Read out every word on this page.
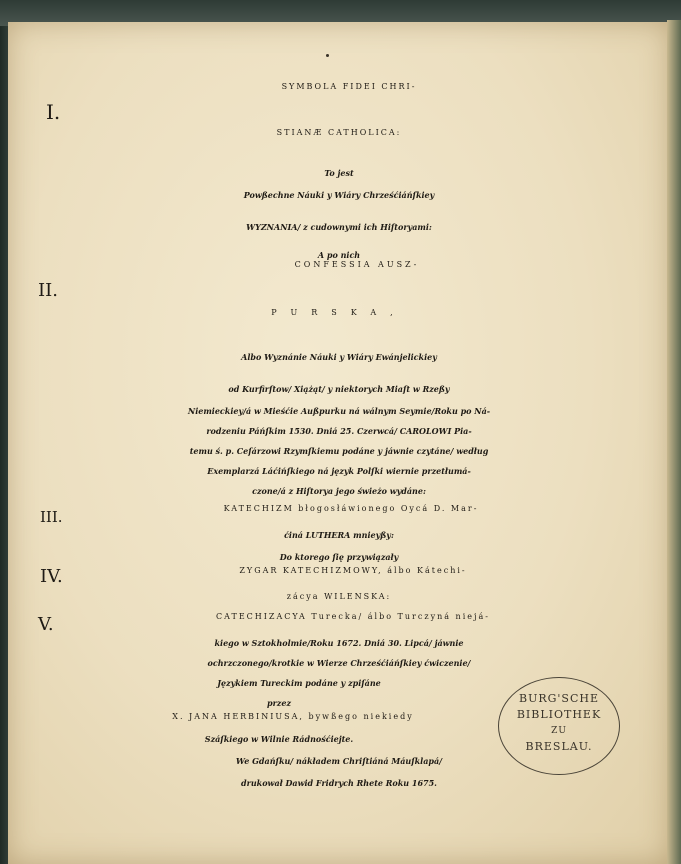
I.
SYMBOLA FIDEI CHRI-
STIANÆ CATHOLICA:
To jest
Powßechne Náuki y Wiáry Chrześćiáńſkiey
WYZNANIA/ z cudownymi ich Hiſtoryami:
A po nich
II.
CONFESSIA AUSZ-
PURSKA,
Albo Wyznánie Náuki y Wiáry Ewánjelickiey
od Kurfirſtow/ Xiążąt/ y niektorych Miaſt w Rzeßy
Niemieckiey/á w Mieśćie Außpurku ná wálnym Seymie/Roku po Ná-
rodzeniu Páńſkim 1530. Dniá 25. Czerwcá/ CAROLOWI Pia-
temu ś. p. Ceſárzowi Rzymſkiemu podáne y jáwnie czytáne/ według
Exemplarzá Láćińſkiego ná język Polſki wiernie przetłumá-
czone/á z Hiſtorya jego świeżo wydáne:
III.	KATECHIZM błogosłáwionego Oycá D. Mar-
ćiná LUTHERA mnieyßy:
Do ktorego ſię przywiązały
IV.	ZYGAR KATECHIZMOWY, álbo Kátechi-
zácya WILENSKA:
V.	CATECHIZACYA Turecka/ álbo Turczyná niejá-
kiego w Sztokholmie/Roku 1672. Dniá 30. Lipcá/ jáwnie
ochrzczonego/krotkie w Wierze Chrześćiáńſkiey ćwiczenie/
Językiem Tureckim podáne y zpiſáne
przez
X. JANA HERBINIUSA, bywßego niekiedy
Száſkiego w Wilnie Rádnośćiejte.
We Gdańſku/ nákładem Chriſtiáná Máuſklapá/
drukował Dawid Fridrych Rhete Roku 1675.
BURG'SCHE
BIBLIOTHEK
ZU
BRESLAU.
